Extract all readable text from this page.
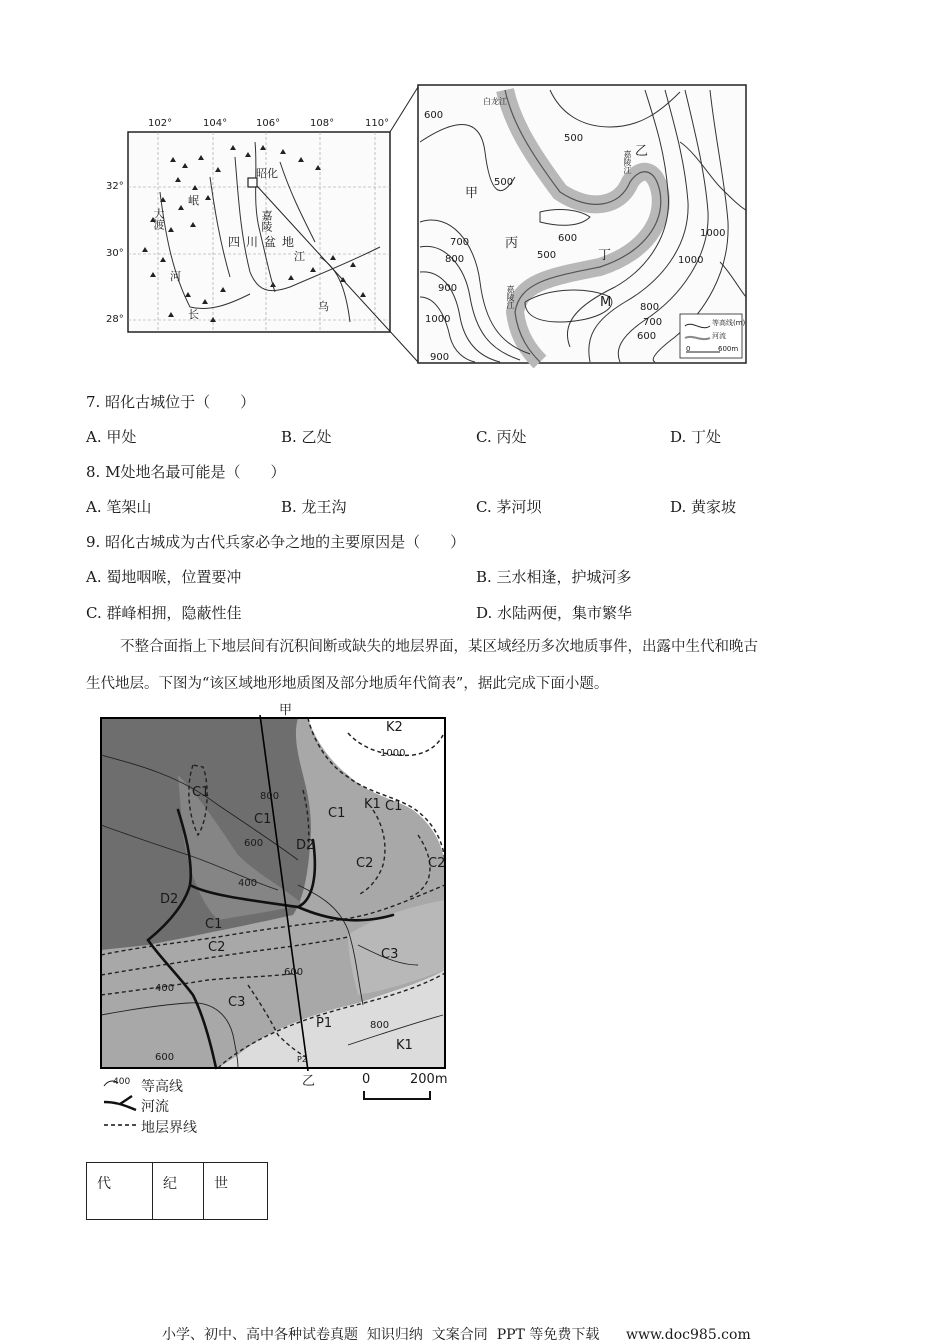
102°	104°	106°	108°	110°
32°
30°
28°
昭化
四川盆地
嘉陵
江
大渡
河
长
岷
乌
甲
乙
丙
丁
M
600
500
500
500
600
700
800
900
1000
800
700
600
900
1000
1000
白龙江
嘉陵江
嘉陵江
等高线(m)
河流
0	600m
7. 昭化古城位于（　　）
A. 甲处	B. 乙处	C. 丙处	D. 丁处
8. M处地名最可能是（　　）
A. 笔架山	B. 龙王沟	C. 茅河坝	D. 黄家坡
9. 昭化古城成为古代兵家必争之地的主要原因是（　　）
A. 蜀地咽喉，位置要冲	B. 三水相逢，护城河多
C. 群峰相拥，隐蔽性佳	D. 水陆两便，集市繁华
不整合面指上下地层间有沉积间断或缺失的地层界面，某区域经历多次地质事件，出露中生代和晚古
生代地层。下图为“该区域地形地质图及部分地质年代简表”，据此完成下面小题。
甲
乙
K2
K1
C1
C1	C1	C1
D2
D2
C2	C2
C1
C2	C3
C3
P1
K1
P2
1000
800
600
400
400
600
600
800
0	200m
400 等高线
河流
地层界线
代	纪	世
小学、初中、高中各种试卷真题  知识归纳  文案合同  PPT 等免费下载      www.doc985.com
